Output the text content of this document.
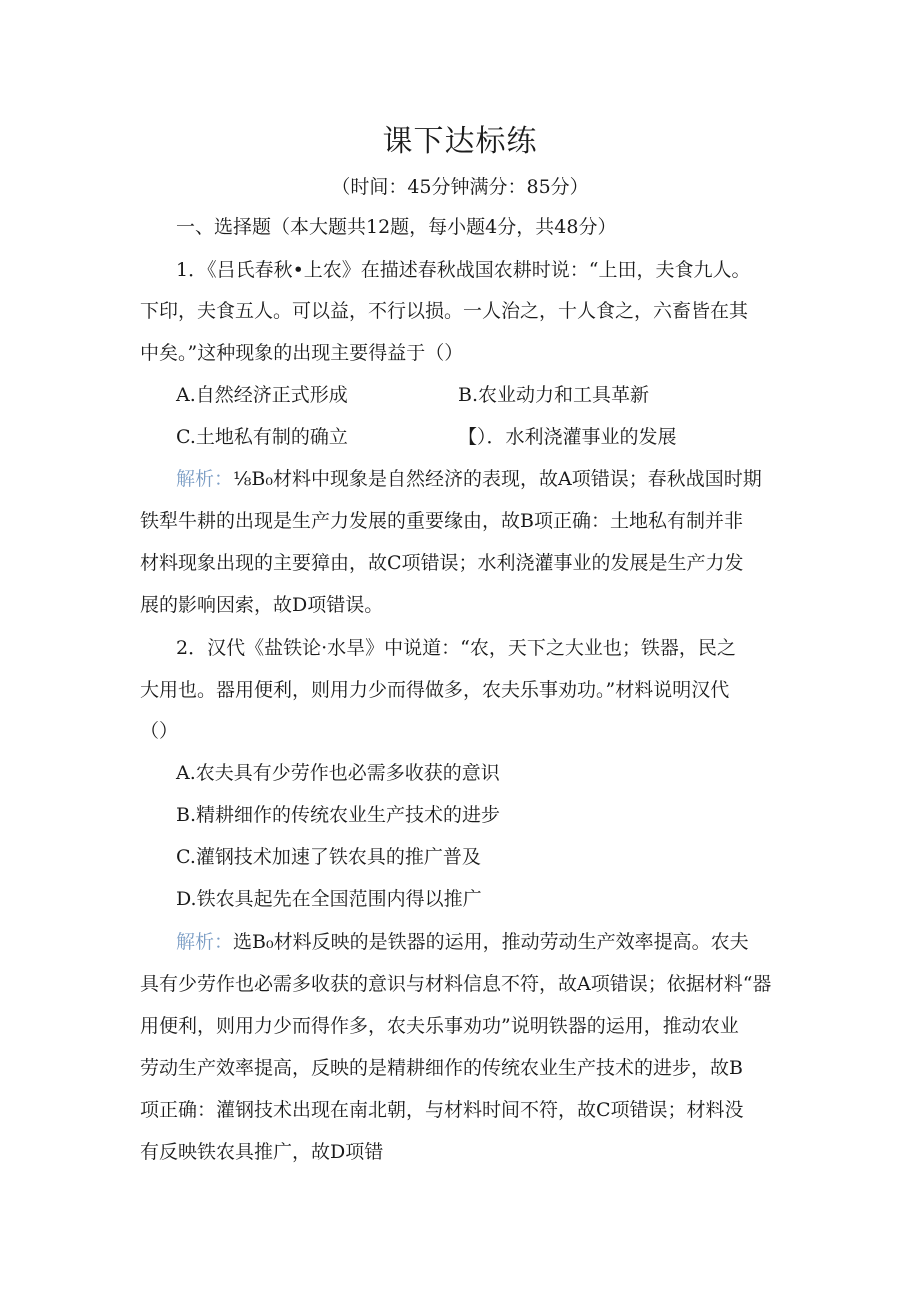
课下达标练
（时间：45分钟满分：85分）
一、选择题（本大题共12题，每小题4分，共48分）
1．《吕氏春秋•上农》在描述春秋战国农耕时说：“上田，夫食九人。
下印，夫食五人。可以益，不行以损。一人治之，十人食之，六畜皆在其
中矣。”这种现象的出现主要得益于（）
A.自然经济正式形成	B.农业动力和工具革新
C.土地私有制的确立	【）．水利浇灌事业的发展
解析：⅛B₀材料中现象是自然经济的表现，故A项错误；春秋战国时期
铁犁牛耕的出现是生产力发展的重要缘由，故B项正确：土地私有制并非
材料现象出现的主要獐由，故C项错误；水利浇灌事业的发展是生产力发
展的影响因索，故D项错误。
2．汉代《盐铁论·水旱》中说道：“农，天下之大业也；铁器，民之
大用也。器用便利，则用力少而得做多，农夫乐事劝功。”材料说明汉代
（）
A.农夫具有少劳作也必需多收获的意识
B.精耕细作的传统农业生产技术的进步
C.灌钢技术加速了铁农具的推广普及
D.铁农具起先在全国范围内得以推广
解析：选B₀材料反映的是铁器的运用，推动劳动生产效率提高。农夫
具有少劳作也必需多收获的意识与材料信息不符，故A项错误；依据材料“器
用便利，则用力少而得作多，农夫乐事劝功”说明铁器的运用，推动农业
劳动生产效率提高，反映的是精耕细作的传统农业生产技术的进步，故B
项正确：灌钢技术出现在南北朝，与材料时间不符，故C项错误；材料没
有反映铁农具推广，故D项错
